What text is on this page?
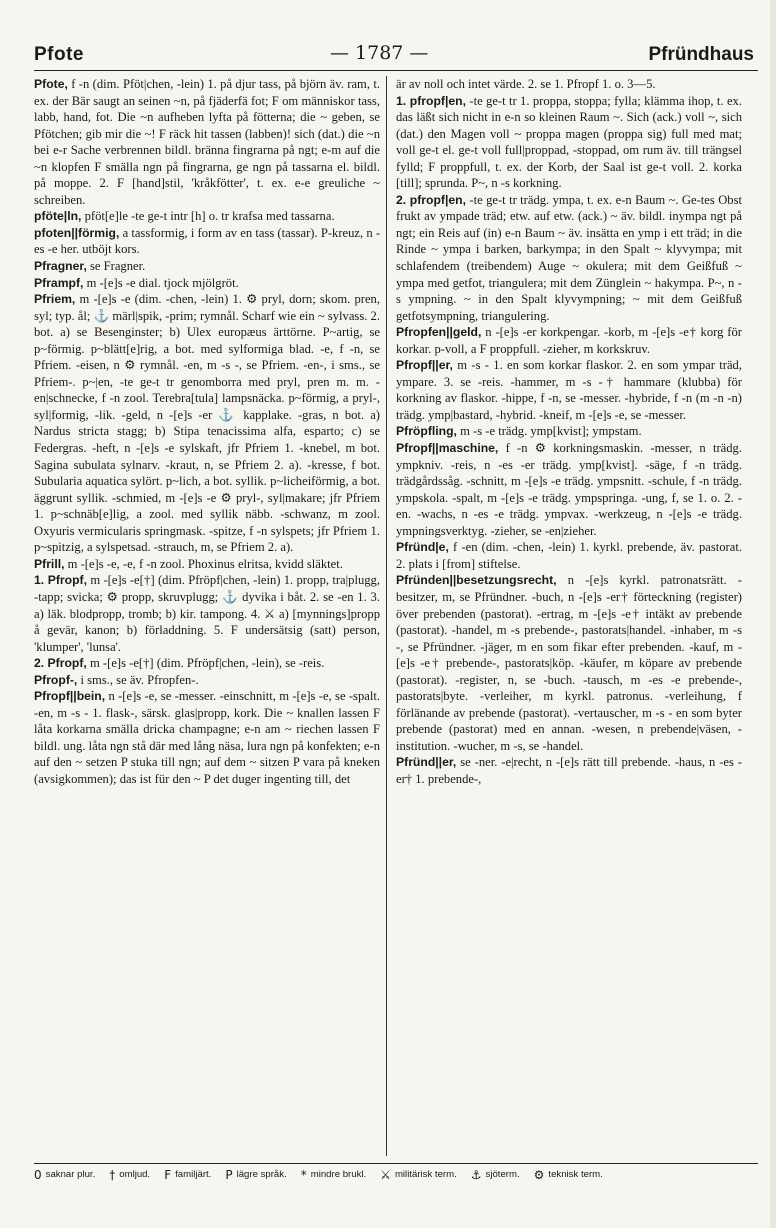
Pfote	— 1787 —	Pfründhaus

Pfote, f -n (dim. Pföt|chen, -lein) 1. på djur tass, på björn äv. ram, t. ex. der Bär saugt an seinen ~n, på fjäderfä fot; F om människor tass, labb, hand, fot. Die ~n aufheben lyfta på fötterna; die ~ geben, se Pfötchen; gib mir die ~! F räck hit tassen (labben)! sich (dat.) die ~n bei e-r Sache verbrennen bildl. bränna fingrarna på ngt; e-m auf die ~n klopfen F smälla ngn på fingrarna, ge ngn på tassarna el. bildl. på moppe. 2. F [hand]stil, 'kråkfötter', t. ex. e-e greuliche ~ schreiben.

pföte|ln, pföt[e]le -te ge-t intr [h] o. tr krafsa med tassarna.

pfoten||förmig, a tassformig, i form av en tass (tassar). P-kreuz, n -es -e her. utböjt kors.

Pfragner, se Fragner.

Pframpf, m -[e]s -e dial. tjock mjölgröt.

Pfriem, m -[e]s -e (dim. -chen, -lein) 1. ⚙ pryl, dorn; skom. pren, syl; typ. ål; ⚓ märl|spik, -prim; rymnål. Scharf wie ein ~ sylvass. 2. bot. a) se Besenginster; b) Ulex europæus ärttörne. P~artig, se p~förmig. p~blätt[e]rig, a bot. med sylformiga blad. -e, f -n, se Pfriem. -eisen, n ⚙ rymnål. -en, m -s -, se Pfriem. -en-, i sms., se Pfriem-. p~|en, -te ge-t tr genomborra med pryl, pren m. m. -en|schnecke, f -n zool. Terebra[tula] lampsnäcka. p~förmig, a pryl-, syl|formig, -lik. -geld, n -[e]s -er ⚓ kapplake. -gras, n bot. a) Nardus stricta stagg; b) Stipa tenacissima alfa, esparto; c) se Federgras. -heft, n -[e]s -e sylskaft, jfr Pfriem 1. -knebel, m bot. Sagina subulata sylnarv. -kraut, n, se Pfriem 2. a). -kresse, f bot. Subularia aquatica sylört. p~lich, a bot. syllik. p~licheiförmig, a bot. äggrunt syllik. -schmied, m -[e]s -e ⚙ pryl-, syl|makare; jfr Pfriem 1. p~schnäb[e]lig, a zool. med syllik näbb. -schwanz, m zool. Oxyuris vermicularis springmask. -spitze, f -n sylspets; jfr Pfriem 1. p~spitzig, a sylspetsad. -strauch, m, se Pfriem 2. a).

Pfrill, m -[e]s -e, -e, f -n zool. Phoxinus elritsa, kvidd släktet.

1. Pfropf, m -[e]s -e[†] (dim. Pfröpf|chen, -lein) 1. propp, tra|plugg, -tapp; svicka; ⚙ propp, skruvplugg; ⚓ dyvika i båt. 2. se -en 1. 3. a) läk. blodpropp, tromb; b) kir. tampong. 4. ⚔ a) [mynnings]propp å gevär, kanon; b) förladdning. 5. F undersätsig (satt) person, 'klumper', 'lunsa'.

2. Pfropf, m -[e]s -e[†] (dim. Pfröpf|chen, -lein), se -reis.

Pfropf-, i sms., se äv. Pfropfen-.

Pfropf||bein, n -[e]s -e, se -messer. -einschnitt, m -[e]s -e, se -spalt. -en, m -s - 1. flask-, särsk. glas|propp, kork. Die ~ knallen lassen F låta korkarna smälla dricka champagne; e-n am ~ riechen lassen F bildl. ung. låta ngn stå där med lång näsa, lura ngn på konfekten; e-n auf den ~ setzen P stuka till ngn; auf dem ~ sitzen P vara på kneken (avsigkommen); das ist für den ~ P det duger ingenting till, det

är av noll och intet värde. 2. se 1. Pfropf 1. o. 3—5.

1. pfropf|en, -te ge-t tr 1. proppa, stoppa; fylla; klämma ihop, t. ex. das läßt sich nicht in e-n so kleinen Raum ~. Sich (ack.) voll ~, sich (dat.) den Magen voll ~ proppa magen (proppa sig) full med mat; voll ge-t el. ge-t voll full|proppad, -stoppad, om rum äv. till trängsel fylld; F proppfull, t. ex. der Korb, der Saal ist ge-t voll. 2. korka [till]; sprunda. P~, n -s korkning.

2. pfropf|en, -te ge-t tr trädg. ympa, t. ex. e-n Baum ~. Ge-tes Obst frukt av ympade träd; etw. auf etw. (ack.) ~ äv. bildl. inympa ngt på ngt; ein Reis auf (in) e-n Baum ~ äv. insätta en ymp i ett träd; in die Rinde ~ ympa i barken, barkympa; in den Spalt ~ klyvympa; mit schlafendem (treibendem) Auge ~ okulera; mit dem Geißfuß ~ ympa med getfot, triangulera; mit dem Zünglein ~ hakympa. P~, n -s ympning. ~ in den Spalt klyvympning; ~ mit dem Geißfuß getfotsympning, triangulering.

Pfropfen||geld, n -[e]s -er korkpengar. -korb, m -[e]s -e† korg för korkar. p-voll, a F proppfull. -zieher, m korkskruv.

Pfropf||er, m -s - 1. en som korkar flaskor. 2. en som ympar träd, ympare. 3. se -reis. -hammer, m -s -† hammare (klubba) för korkning av flaskor. -hippe, f -n, se -messer. -hybride, f -n (m -n -n) trädg. ymp|bastard, -hybrid. -kneif, m -[e]s -e, se -messer.

Pfröpfling, m -s -e trädg. ymp[kvist]; ympstam.

Pfropf||maschine, f -n ⚙ korkningsmaskin. -messer, n trädg. ympkniv. -reis, n -es -er trädg. ymp[kvist]. -säge, f -n trädg. trädgårdssåg. -schnitt, m -[e]s -e trädg. ympsnitt. -schule, f -n trädg. ympskola. -spalt, m -[e]s -e trädg. ympspringa. -ung, f, se 1. o. 2. -en. -wachs, n -es -e trädg. ympvax. -werkzeug, n -[e]s -e trädg. ympningsverktyg. -zieher, se -en|zieher.

Pfründ|e, f -en (dim. -chen, -lein) 1. kyrkl. prebende, äv. pastorat. 2. plats i [from] stiftelse.

Pfründen||besetzungsrecht, n -[e]s kyrkl. patronatsrätt. -besitzer, m, se Pfründner. -buch, n -[e]s -er† förteckning (register) över prebenden (pastorat). -ertrag, m -[e]s -e† intäkt av prebende (pastorat). -handel, m -s prebende-, pastorats|handel. -inhaber, m -s -, se Pfründner. -jäger, m en som fikar efter prebenden. -kauf, m -[e]s -e† prebende-, pastorats|köp. -käufer, m köpare av prebende (pastorat). -register, n, se -buch. -tausch, m -es -e prebende-, pastorats|byte. -verleiher, m kyrkl. patronus. -verleihung, f förlänande av prebende (pastorat). -vertauscher, m -s - en som byter prebende (pastorat) med en annan. -wesen, n prebende|väsen, -institution. -wucher, m -s, se -handel.

Pfründ||er, se -ner. -e|recht, n -[e]s rätt till prebende. -haus, n -es -er† 1. prebende-,

0 saknar plur. † omljud. F familjärt. P lägre språk. * mindre brukl. ⚔ militärisk term. ⚓ sjöterm. ⚙ teknisk term.
